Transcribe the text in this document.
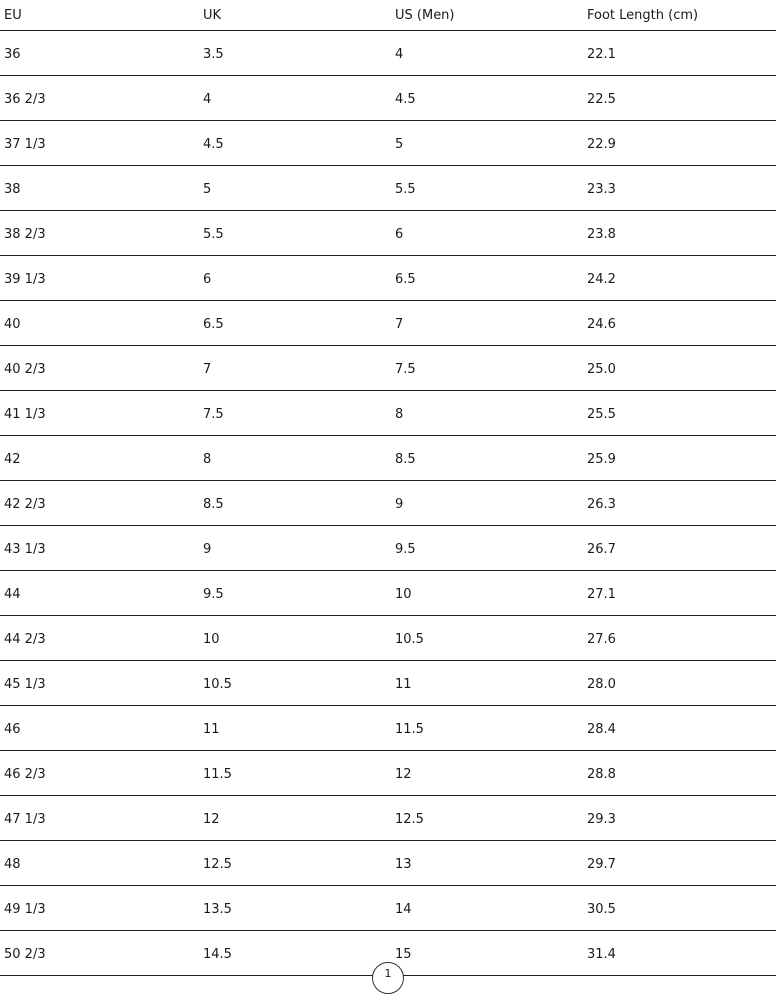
EU	UK	US (Men)	Foot Length (cm)
36	3.5	4	22.1
36 2/3	4	4.5	22.5
37 1/3	4.5	5	22.9
38	5	5.5	23.3
38 2/3	5.5	6	23.8
39 1/3	6	6.5	24.2
40	6.5	7	24.6
40 2/3	7	7.5	25.0
41 1/3	7.5	8	25.5
42	8	8.5	25.9
42 2/3	8.5	9	26.3
43 1/3	9	9.5	26.7
44	9.5	10	27.1
44 2/3	10	10.5	27.6
45 1/3	10.5	11	28.0
46	11	11.5	28.4
46 2/3	11.5	12	28.8
47 1/3	12	12.5	29.3
48	12.5	13	29.7
49 1/3	13.5	14	30.5
50 2/3	14.5	15	31.4
1
